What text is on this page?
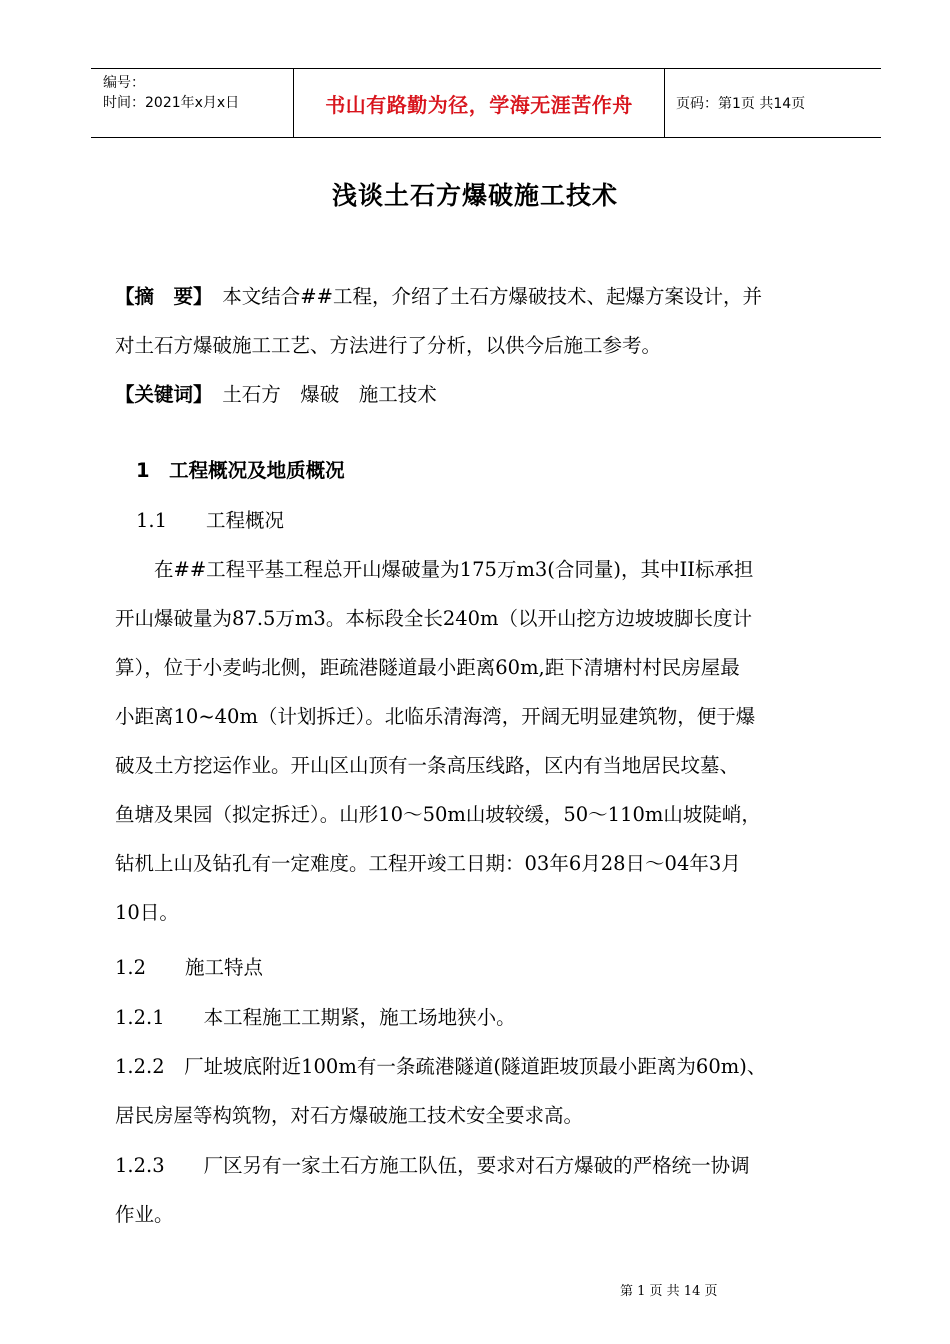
编号：
时间：2021年x月x日	书山有路勤为径，学海无涯苦作舟	页码：第1页 共14页
浅谈土石方爆破施工技术
【摘　要】　 本文结合##工程，介绍了土石方爆破技术、起爆方案设计，并
对土石方爆破施工工艺、方法进行了分析，以供今后施工参考。
【关键词】　 土石方　爆破　施工技术
1　工程概况及地质概况
1.1　　工程概况
　　在##工程平基工程总开山爆破量为175万m3(合同量)，其中II标承担
开山爆破量为87.5万m3。本标段全长240m（以开山挖方边坡坡脚长度计
算），位于小麦屿北侧，距疏港隧道最小距离60m,距下清塘村村民房屋最
小距离10~40m（计划拆迁）。北临乐清海湾，开阔无明显建筑物，便于爆
破及土方挖运作业。开山区山顶有一条高压线路，区内有当地居民坟墓、
鱼塘及果园（拟定拆迁）。山形10～50m山坡较缓，50～110m山坡陡峭，
钻机上山及钻孔有一定难度。工程开竣工日期：03年6月28日～04年3月
10日。
1.2　　施工特点
1.2.1　　本工程施工工期紧，施工场地狭小。
1.2.2　厂址坡底附近100m有一条疏港隧道(隧道距坡顶最小距离为60m)、
居民房屋等构筑物，对石方爆破施工技术安全要求高。
1.2.3　　厂区另有一家土石方施工队伍，要求对石方爆破的严格统一协调
作业。
第 1 页 共 14 页
